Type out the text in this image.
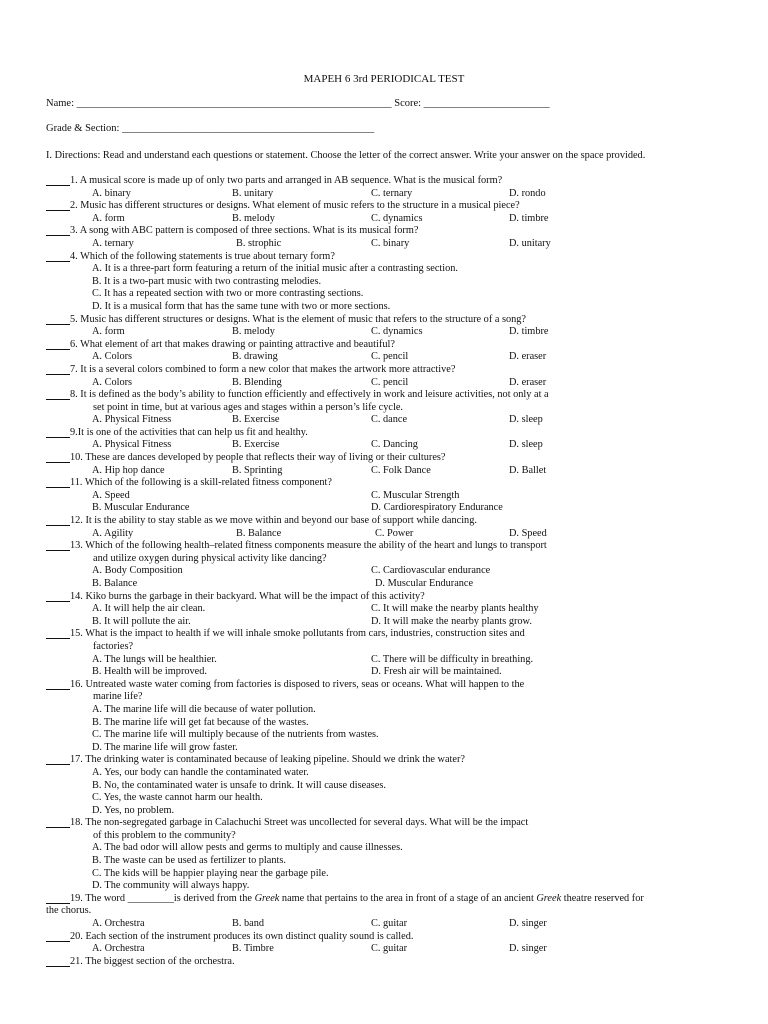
MAPEH 6 3rd PERIODICAL TEST
Name: ____________________________________________________________ Score: ________________________
Grade & Section: ________________________________________________
I. Directions: Read and understand each questions or statement. Choose the letter of the correct answer. Write your answer on the space provided.
1. A musical score is made up of only two parts and arranged in AB sequence. What is the musical form?
A. binary	B. unitary	C. ternary	D. rondo
2. Music has different structures or designs. What element of music refers to the structure in a musical piece?
A. form	B. melody	C. dynamics	D. timbre
3. A song with ABC pattern is composed of three sections. What is its musical form?
A. ternary	B. strophic	C. binary	D. unitary
4. Which of the following statements is true about ternary form?
A. It is a three-part form featuring a return of the initial music after a contrasting section.
B. It is a two-part music with two contrasting melodies.
C. It has a repeated section with two or more contrasting sections.
D. It is a musical form that has the same tune with two or more sections.
5. Music has different structures or designs. What is the element of music that refers to the structure of a song?
A. form	B. melody	C. dynamics	D. timbre
6. What element of art that makes drawing or painting attractive and beautiful?
A. Colors	B. drawing	C. pencil	D. eraser
7. It is a several colors combined to form a new color that makes the artwork more attractive?
A. Colors	B. Blending	C. pencil	D. eraser
8. It is defined as the body’s ability to function efficiently and effectively in work and leisure activities, not only at a
set point in time, but at various ages and stages within a person’s life cycle.
A. Physical Fitness	B. Exercise	C. dance	D. sleep
9.It is one of the activities that can help us fit and healthy.
A. Physical Fitness	B. Exercise	C. Dancing	D. sleep
10. These are dances developed by people that reflects their way of living or their cultures?
A. Hip hop dance	B. Sprinting	C. Folk Dance	D. Ballet
11. Which of the following is a skill-related fitness component?
A. Speed	C. Muscular Strength
B. Muscular Endurance	D. Cardiorespiratory Endurance
12. It is the ability to stay stable as we move within and beyond our base of support while dancing.
A. Agility	B. Balance	C. Power	D. Speed
13. Which of the following health–related fitness components measure the ability of the heart and lungs to transport
and utilize oxygen during physical activity like dancing?
A. Body Composition	C. Cardiovascular endurance
B. Balance	D. Muscular Endurance
14. Kiko burns the garbage in their backyard. What will be the impact of this activity?
A. It will help the air clean.	C. It will make the nearby plants healthy
B. It will pollute the air.	D. It will make the nearby plants grow.
15. What is the impact to health if we will inhale smoke pollutants from cars, industries, construction sites and
factories?
A. The lungs will be healthier.	C. There will be difficulty in breathing.
B. Health will be improved.	D. Fresh air will be maintained.
16. Untreated waste water coming from factories is disposed to rivers, seas or oceans. What will happen to the
marine life?
A. The marine life will die because of water pollution.
B. The marine life will get fat because of the wastes.
C. The marine life will multiply because of the nutrients from wastes.
D. The marine life will grow faster.
17. The drinking water is contaminated because of leaking pipeline. Should we drink the water?
A. Yes, our body can handle the contaminated water.
B. No, the contaminated water is unsafe to drink. It will cause diseases.
C. Yes, the waste cannot harm our health.
D. Yes, no problem.
18. The non-segregated garbage in Calachuchi Street was uncollected for several days. What will be the impact
of this problem to the community?
A. The bad odor will allow pests and germs to multiply and cause illnesses.
B. The waste can be used as fertilizer to plants.
C. The kids will be happier playing near the garbage pile.
D. The community will always happy.
19. The word _________is derived from the Greek name that pertains to the area in front of a stage of an ancient Greek theatre reserved for
the chorus.
A. Orchestra	B. band	C. guitar	D. singer
20. Each section of the instrument produces its own distinct quality sound is called.
A. Orchestra	B. Timbre	C. guitar	D. singer
21. The biggest section of the orchestra.
